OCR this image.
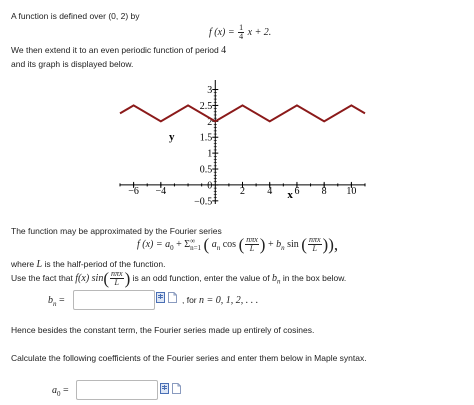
A function is defined over (0, 2) by
f $(x) = \frac{1}{4}$ x + 2.
We then extend it to an even periodic function of period 4
and its graph is displayed below.
−6 −4	2 4 6 8 10
3
2.5
2
1.5
1
0.5
0
−0.5
x
y
The function may be approximated by the Fourier series
f $(x) = a_0 + \Sigma$ ∞
n=1 ( $a_n$ cos ( $\frac{\text{nπx}}{L}$ ) + $b_n$ sin ( $\frac{\text{nπx}}{L}$ )),
where L is the half-period of the function.
Use the fact that f(x) $\sin( \frac{\text{nπx}}{L}$ ) is an odd function, enter the value of $b_n$ in the box below.
$b_n$ =	, for n = 0, 1, 2, . . .
Hence besides the constant term, the Fourier series made up entirely of cosines.
Calculate the following coefficients of the Fourier series and enter them below in Maple syntax.
$a_0$ =
